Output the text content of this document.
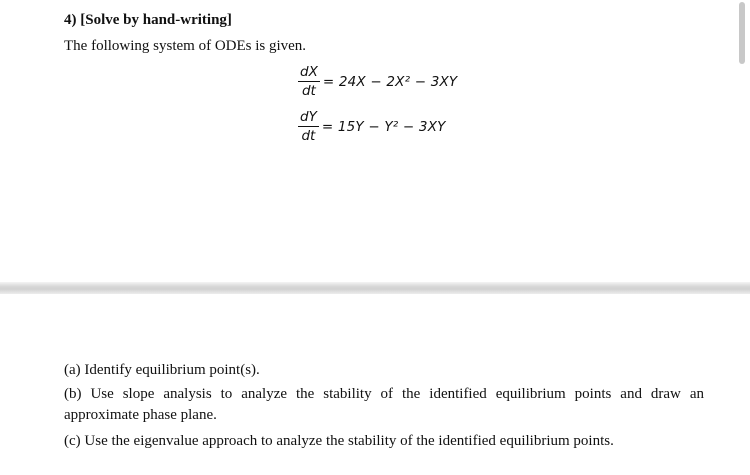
4) [Solve by hand-writing]
The following system of ODEs is given.
$\frac{dX}{dt} = 24X - 2X^2 - 3XY$
$\frac{dY}{dt} = 15Y - Y^2 - 3XY$
(a) Identify equilibrium point(s).
(b) Use slope analysis to analyze the stability of the identified equilibrium points and draw an approximate phase plane.
(c) Use the eigenvalue approach to analyze the stability of the identified equilibrium points.
